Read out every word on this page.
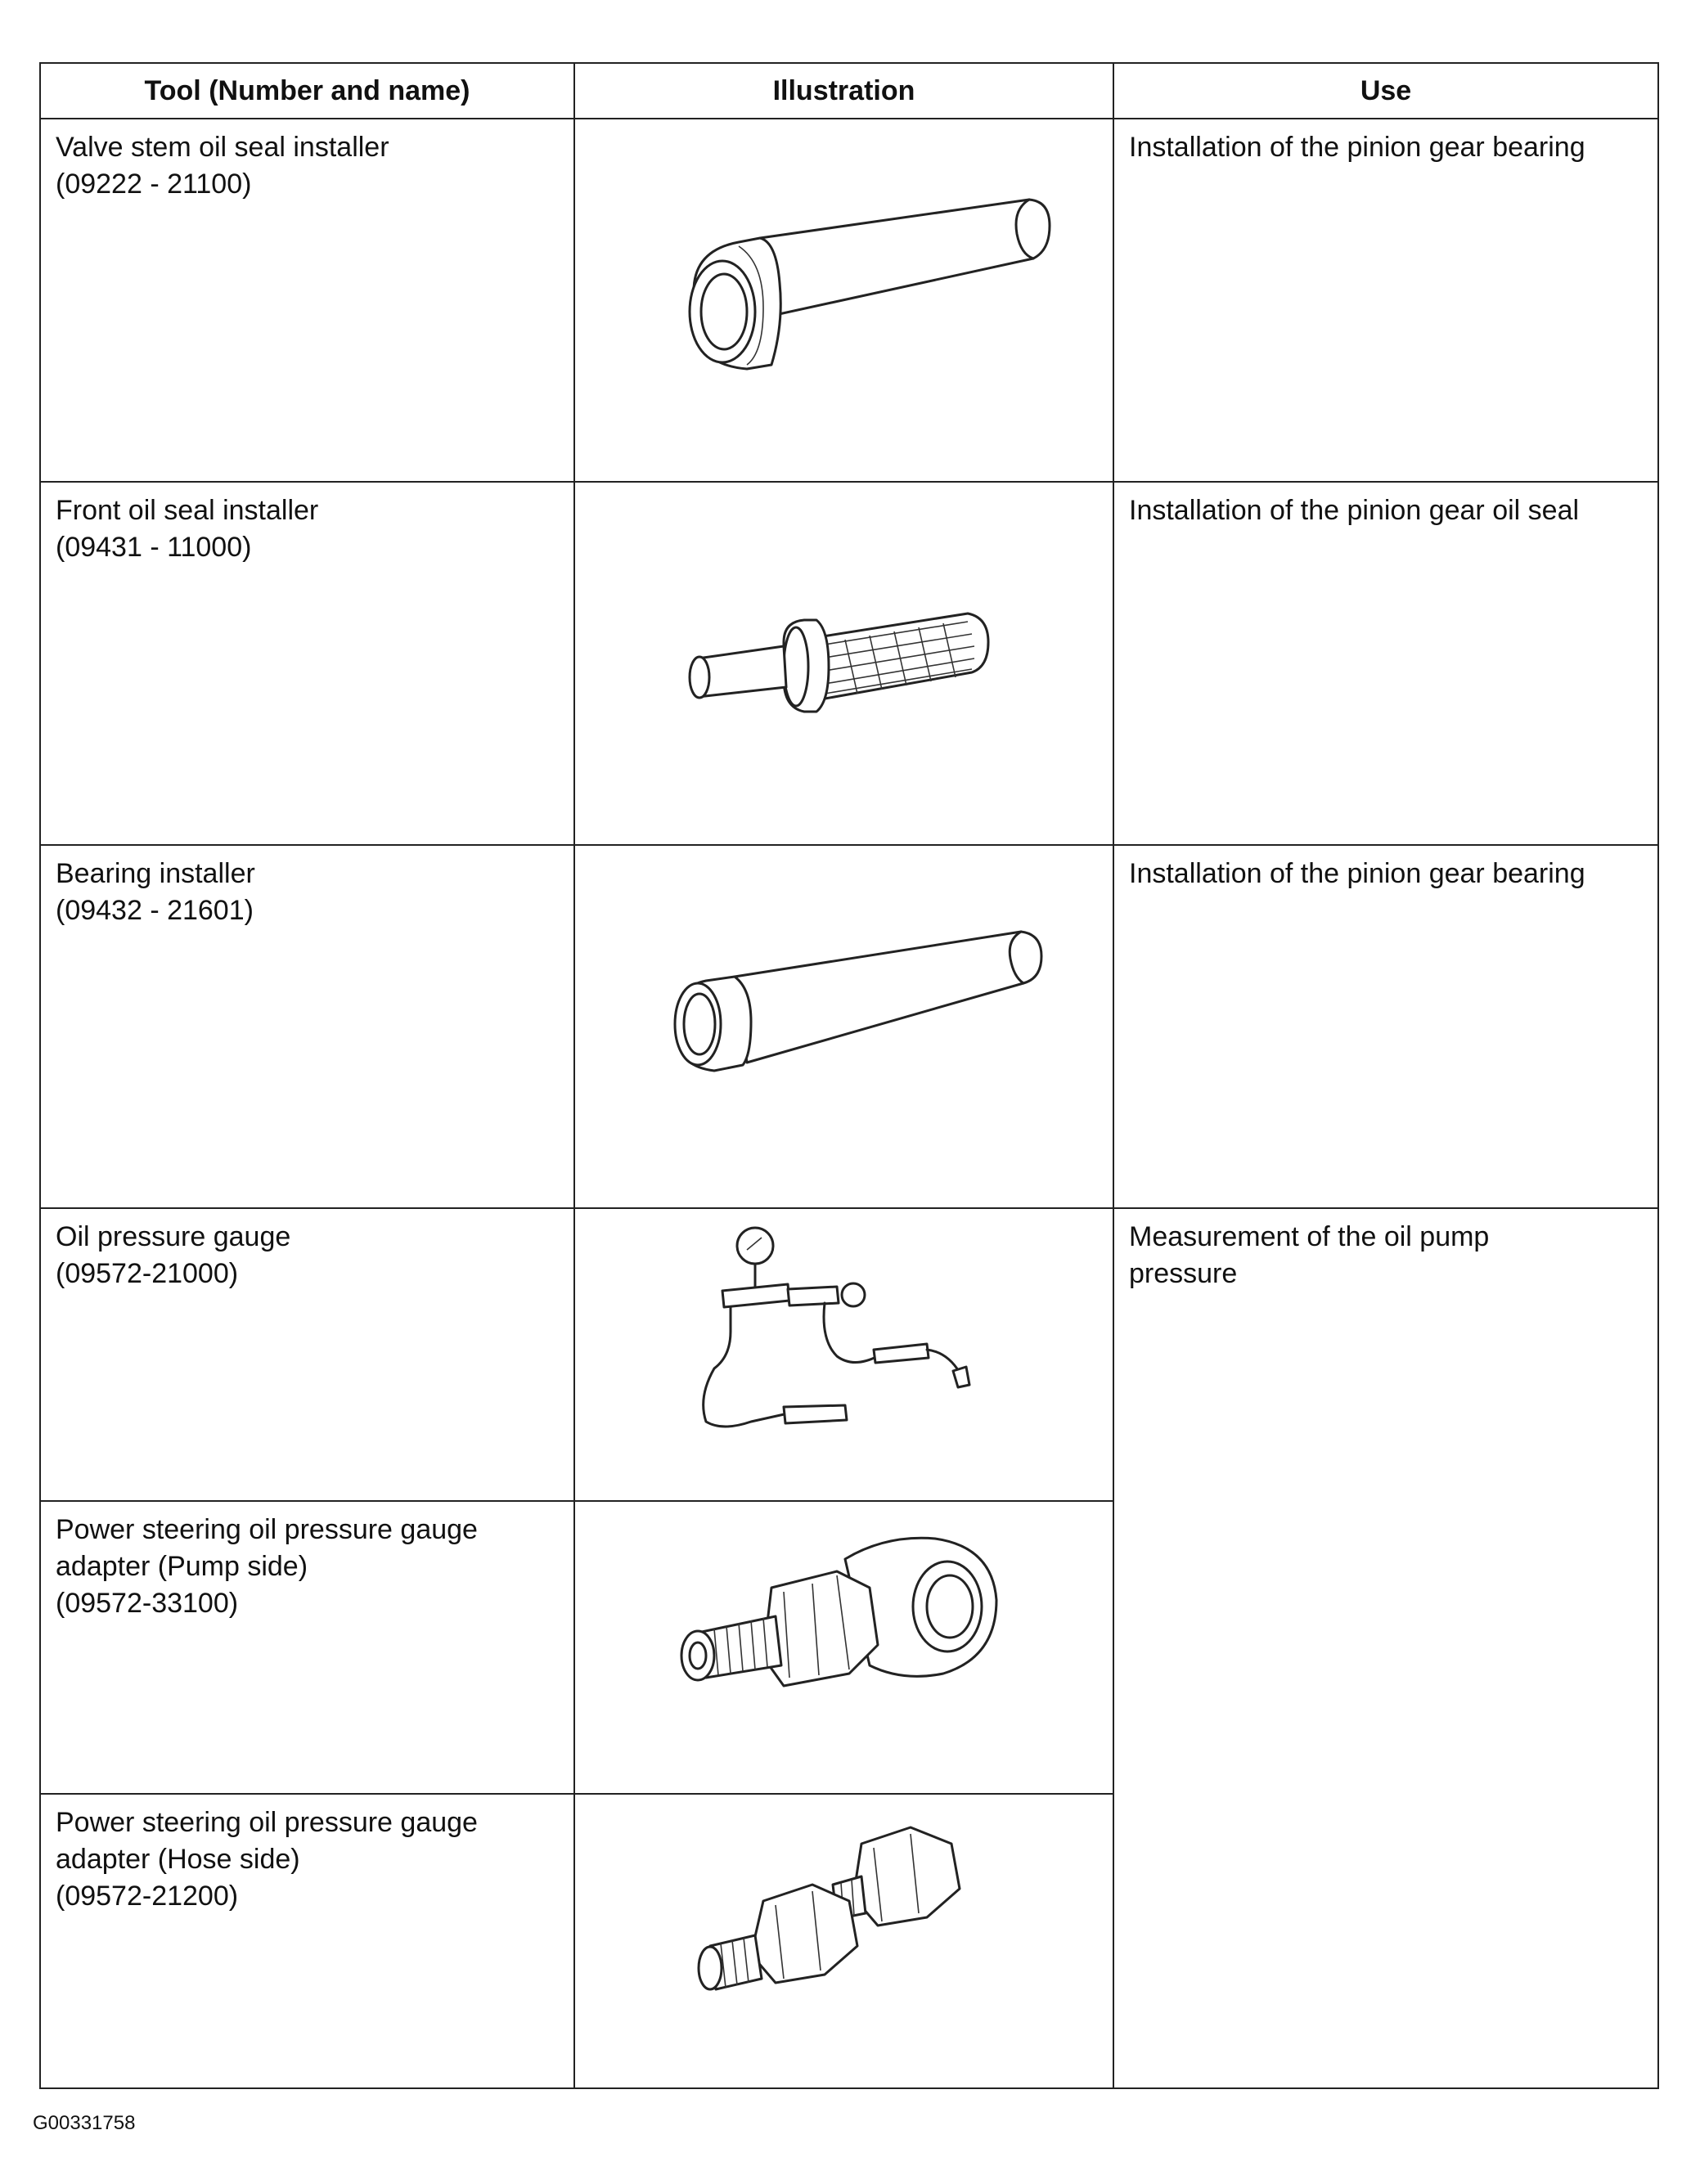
Tool (Number and name)	Illustration	Use

Valve stem oil seal installer
(09222 - 21100)		Installation of the pinion gear bearing

Front oil seal installer
(09431 - 11000)		Installation of the pinion gear oil seal

Bearing installer
(09432 - 21601)		Installation of the pinion gear bearing

Oil pressure gauge
(09572-21000)		Measurement of the oil pump
pressure

Power steering oil pressure gauge
adapter (Pump side)
(09572-33100)

Power steering oil pressure gauge
adapter (Hose side)
(09572-21200)

G00331758
